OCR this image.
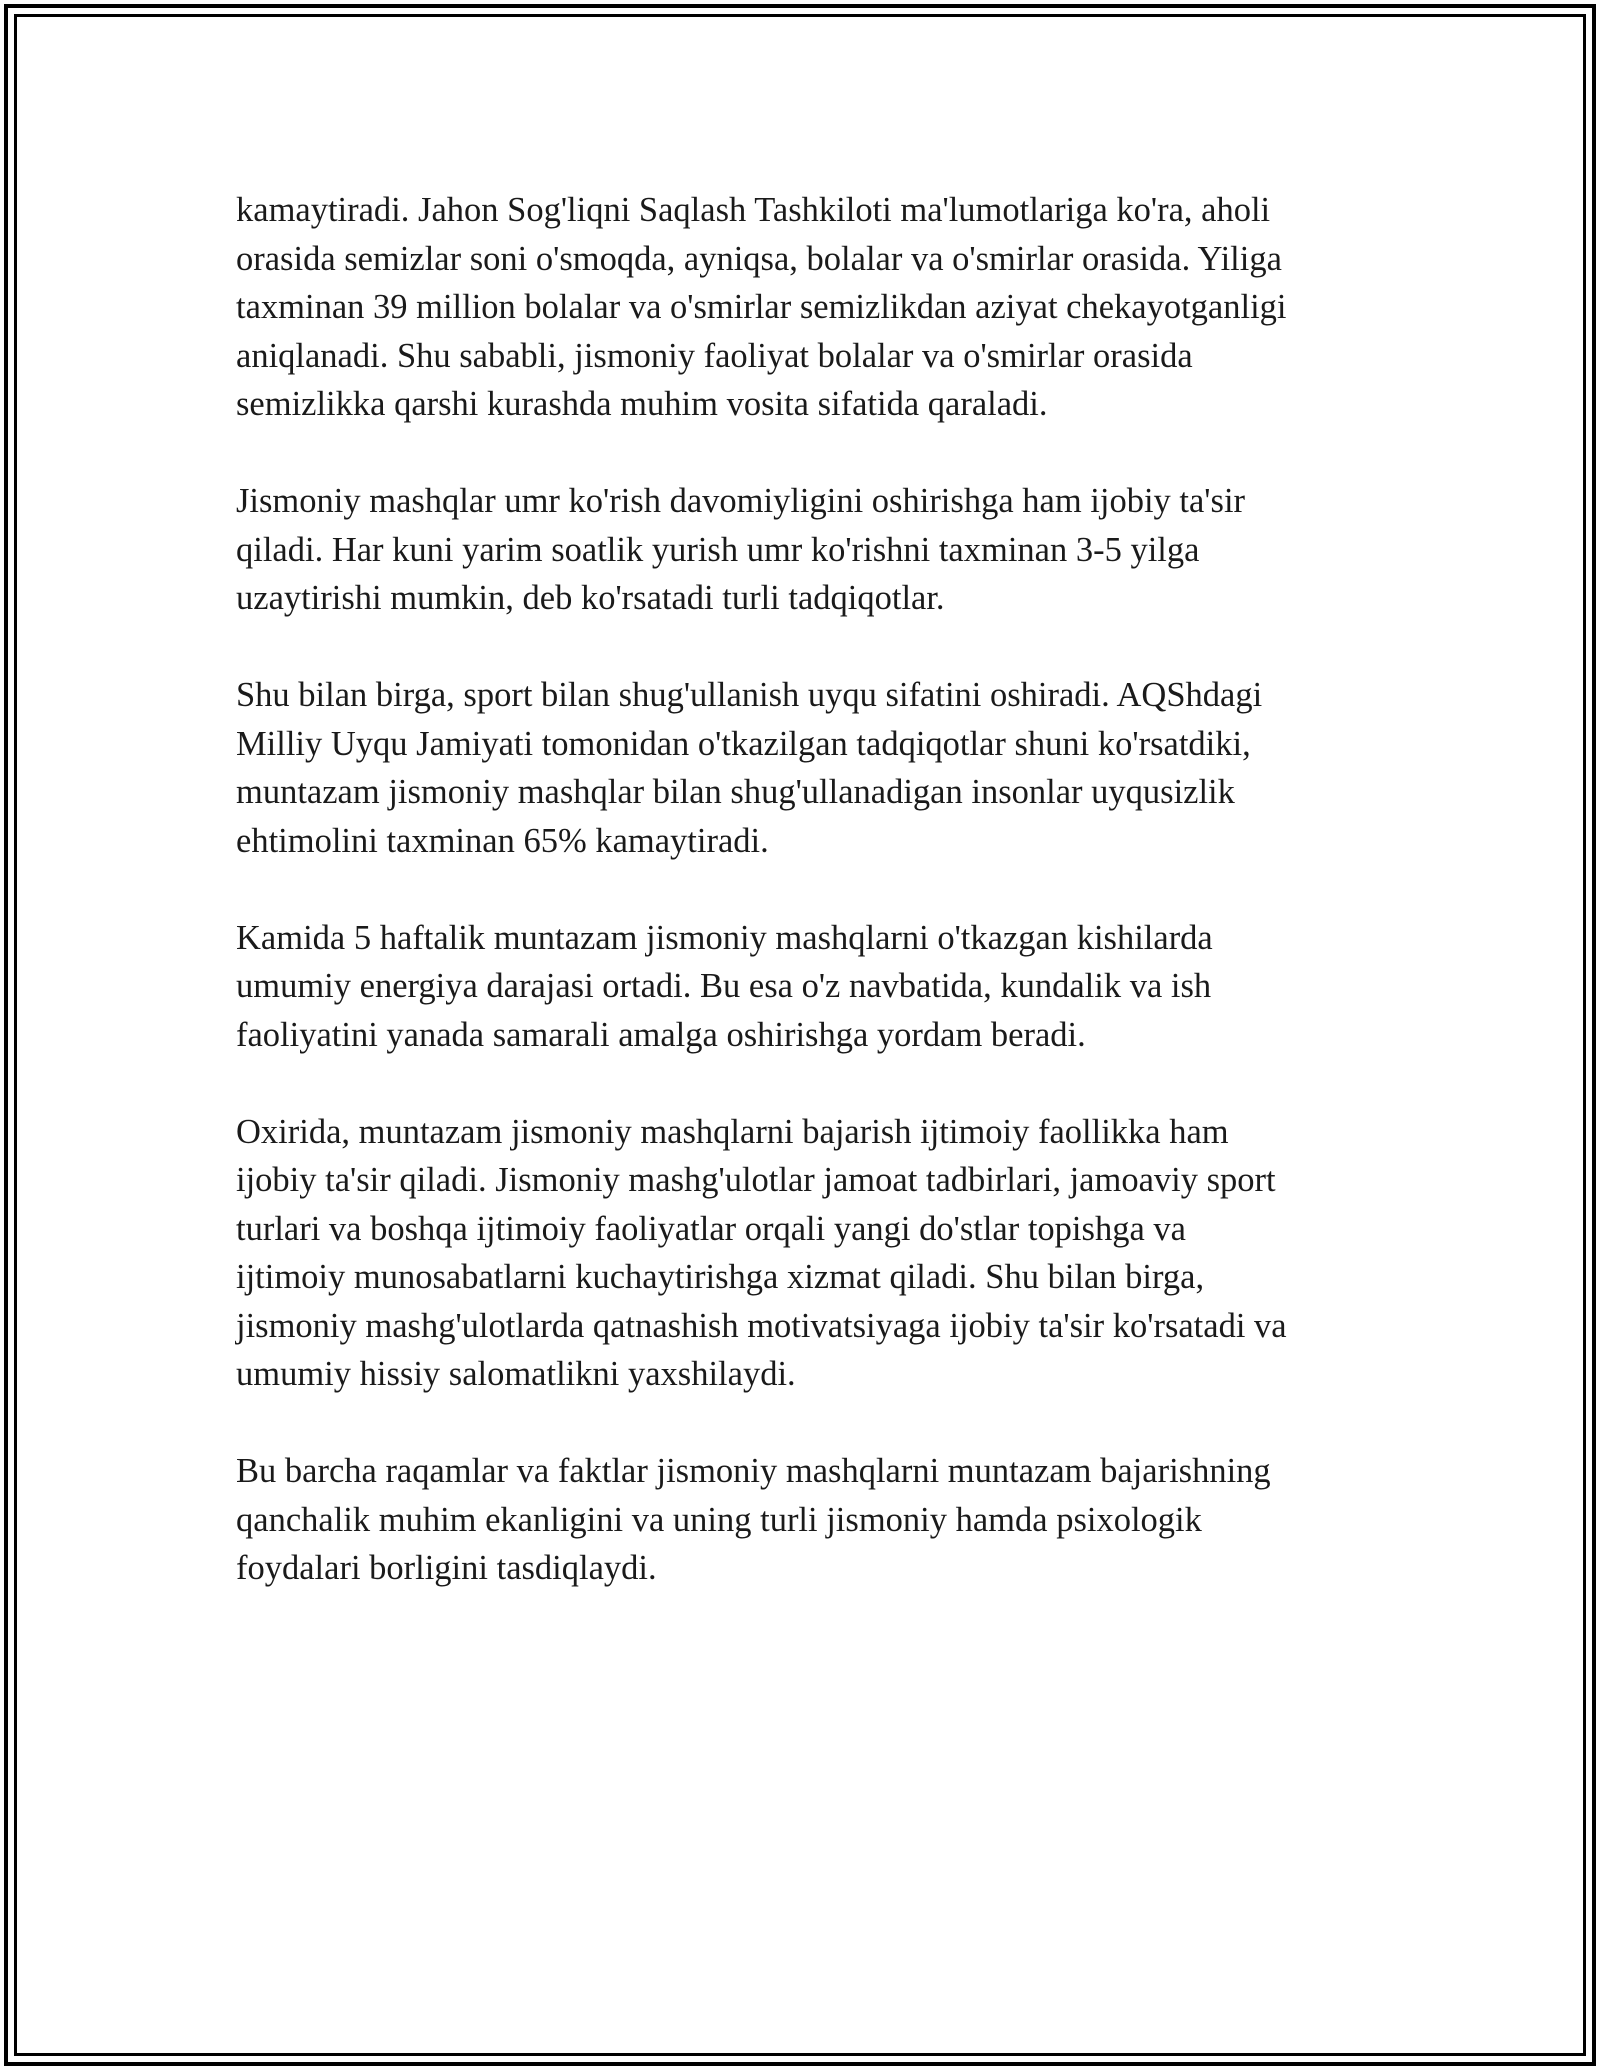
kamaytiradi. Jahon Sog'liqni Saqlash Tashkiloti ma'lumotlariga ko'ra, aholi
orasida semizlar soni o'smoqda, ayniqsa, bolalar va o'smirlar orasida. Yiliga
taxminan 39 million bolalar va o'smirlar semizlikdan aziyat chekayotganligi
aniqlanadi. Shu sababli, jismoniy faoliyat bolalar va o'smirlar orasida
semizlikka qarshi kurashda muhim vosita sifatida qaraladi.

Jismoniy mashqlar umr ko'rish davomiyligini oshirishga ham ijobiy ta'sir
qiladi. Har kuni yarim soatlik yurish umr ko'rishni taxminan 3-5 yilga
uzaytirishi mumkin, deb ko'rsatadi turli tadqiqotlar.

Shu bilan birga, sport bilan shug'ullanish uyqu sifatini oshiradi. AQShdagi
Milliy Uyqu Jamiyati tomonidan o'tkazilgan tadqiqotlar shuni ko'rsatdiki,
muntazam jismoniy mashqlar bilan shug'ullanadigan insonlar uyqusizlik
ehtimolini taxminan 65% kamaytiradi.

Kamida 5 haftalik muntazam jismoniy mashqlarni o'tkazgan kishilarda
umumiy energiya darajasi ortadi. Bu esa o'z navbatida, kundalik va ish
faoliyatini yanada samarali amalga oshirishga yordam beradi.

Oxirida, muntazam jismoniy mashqlarni bajarish ijtimoiy faollikka ham
ijobiy ta'sir qiladi. Jismoniy mashg'ulotlar jamoat tadbirlari, jamoaviy sport
turlari va boshqa ijtimoiy faoliyatlar orqali yangi do'stlar topishga va
ijtimoiy munosabatlarni kuchaytirishga xizmat qiladi. Shu bilan birga,
jismoniy mashg'ulotlarda qatnashish motivatsiyaga ijobiy ta'sir ko'rsatadi va
umumiy hissiy salomatlikni yaxshilaydi.

Bu barcha raqamlar va faktlar jismoniy mashqlarni muntazam bajarishning
qanchalik muhim ekanligini va uning turli jismoniy hamda psixologik
foydalari borligini tasdiqlaydi.
